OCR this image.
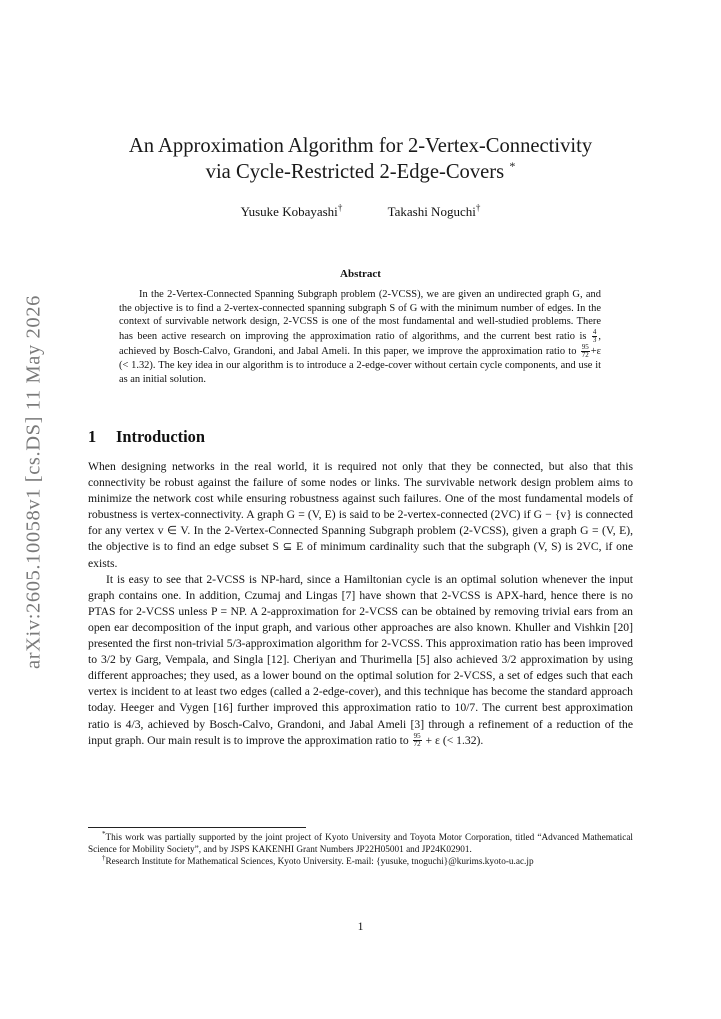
arXiv:2605.10058v1 [cs.DS] 11 May 2026
An Approximation Algorithm for 2-Vertex-Connectivity
via Cycle-Restricted 2-Edge-Covers *
Yusuke Kobayashi†	Takashi Noguchi†
Abstract
In the 2-Vertex-Connected Spanning Subgraph problem (2-VCSS), we are given an undirected graph G, and the objective is to find a 2-vertex-connected spanning subgraph S of G with the minimum number of edges. In the context of survivable network design, 2-VCSS is one of the most fundamental and well-studied problems. There has been active research on improving the approximation ratio of algorithms, and the current best ratio is $\frac{4}{3}$ , achieved by Bosch-Calvo, Grandoni, and Jabal Ameli. In this paper, we improve the approximation ratio to $\frac{95}{72} +\varepsilon$ (< 1.32). The key idea in our algorithm is to introduce a 2-edge-cover without certain cycle components, and use it as an initial solution.
1 Introduction

When designing networks in the real world, it is required not only that they be connected, but also that this connectivity be robust against the failure of some nodes or links. The survivable network design problem aims to minimize the network cost while ensuring robustness against such failures. One of the most fundamental models of robustness is vertex-connectivity. A graph G = (V, E) is said to be 2-vertex-connected (2VC) if G − {v} is connected for any vertex v ∈ V. In the 2-Vertex-Connected Spanning Subgraph problem (2-VCSS), given a graph G = (V, E), the objective is to find an edge subset S ⊆ E of minimum cardinality such that the subgraph (V, S) is 2VC, if one exists.

It is easy to see that 2-VCSS is NP-hard, since a Hamiltonian cycle is an optimal solution whenever the input graph contains one. In addition, Czumaj and Lingas [7] have shown that 2-VCSS is APX-hard, hence there is no PTAS for 2-VCSS unless P = NP. A 2-approximation for 2-VCSS can be obtained by removing trivial ears from an open ear decomposition of the input graph, and various other approaches are also known. Khuller and Vishkin [20] presented the first non-trivial 5/3-approximation algorithm for 2-VCSS. This approximation ratio has been improved to 3/2 by Garg, Vempala, and Singla [12]. Cheriyan and Thurimella [5] also achieved 3/2 approximation by using different approaches; they used, as a lower bound on the optimal solution for 2-VCSS, a set of edges such that each vertex is incident to at least two edges (called a 2-edge-cover), and this technique has become the standard approach today. Heeger and Vygen [16] further improved this approximation ratio to 10/7. The current best approximation ratio is 4/3, achieved by Bosch-Calvo, Grandoni, and Jabal Ameli [3] through a refinement of a reduction of the input graph. Our main result is to improve the approximation ratio to $\frac{95}{72} + \varepsilon$ (< 1.32).

*This work was partially supported by the joint project of Kyoto University and Toyota Motor Corporation, titled “Advanced Mathematical Science for Mobility Society”, and by JSPS KAKENHI Grant Numbers JP22H05001 and JP24K02901.

†Research Institute for Mathematical Sciences, Kyoto University. E-mail: {yusuke, tnoguchi}@kurims.kyoto-u.ac.jp

1
